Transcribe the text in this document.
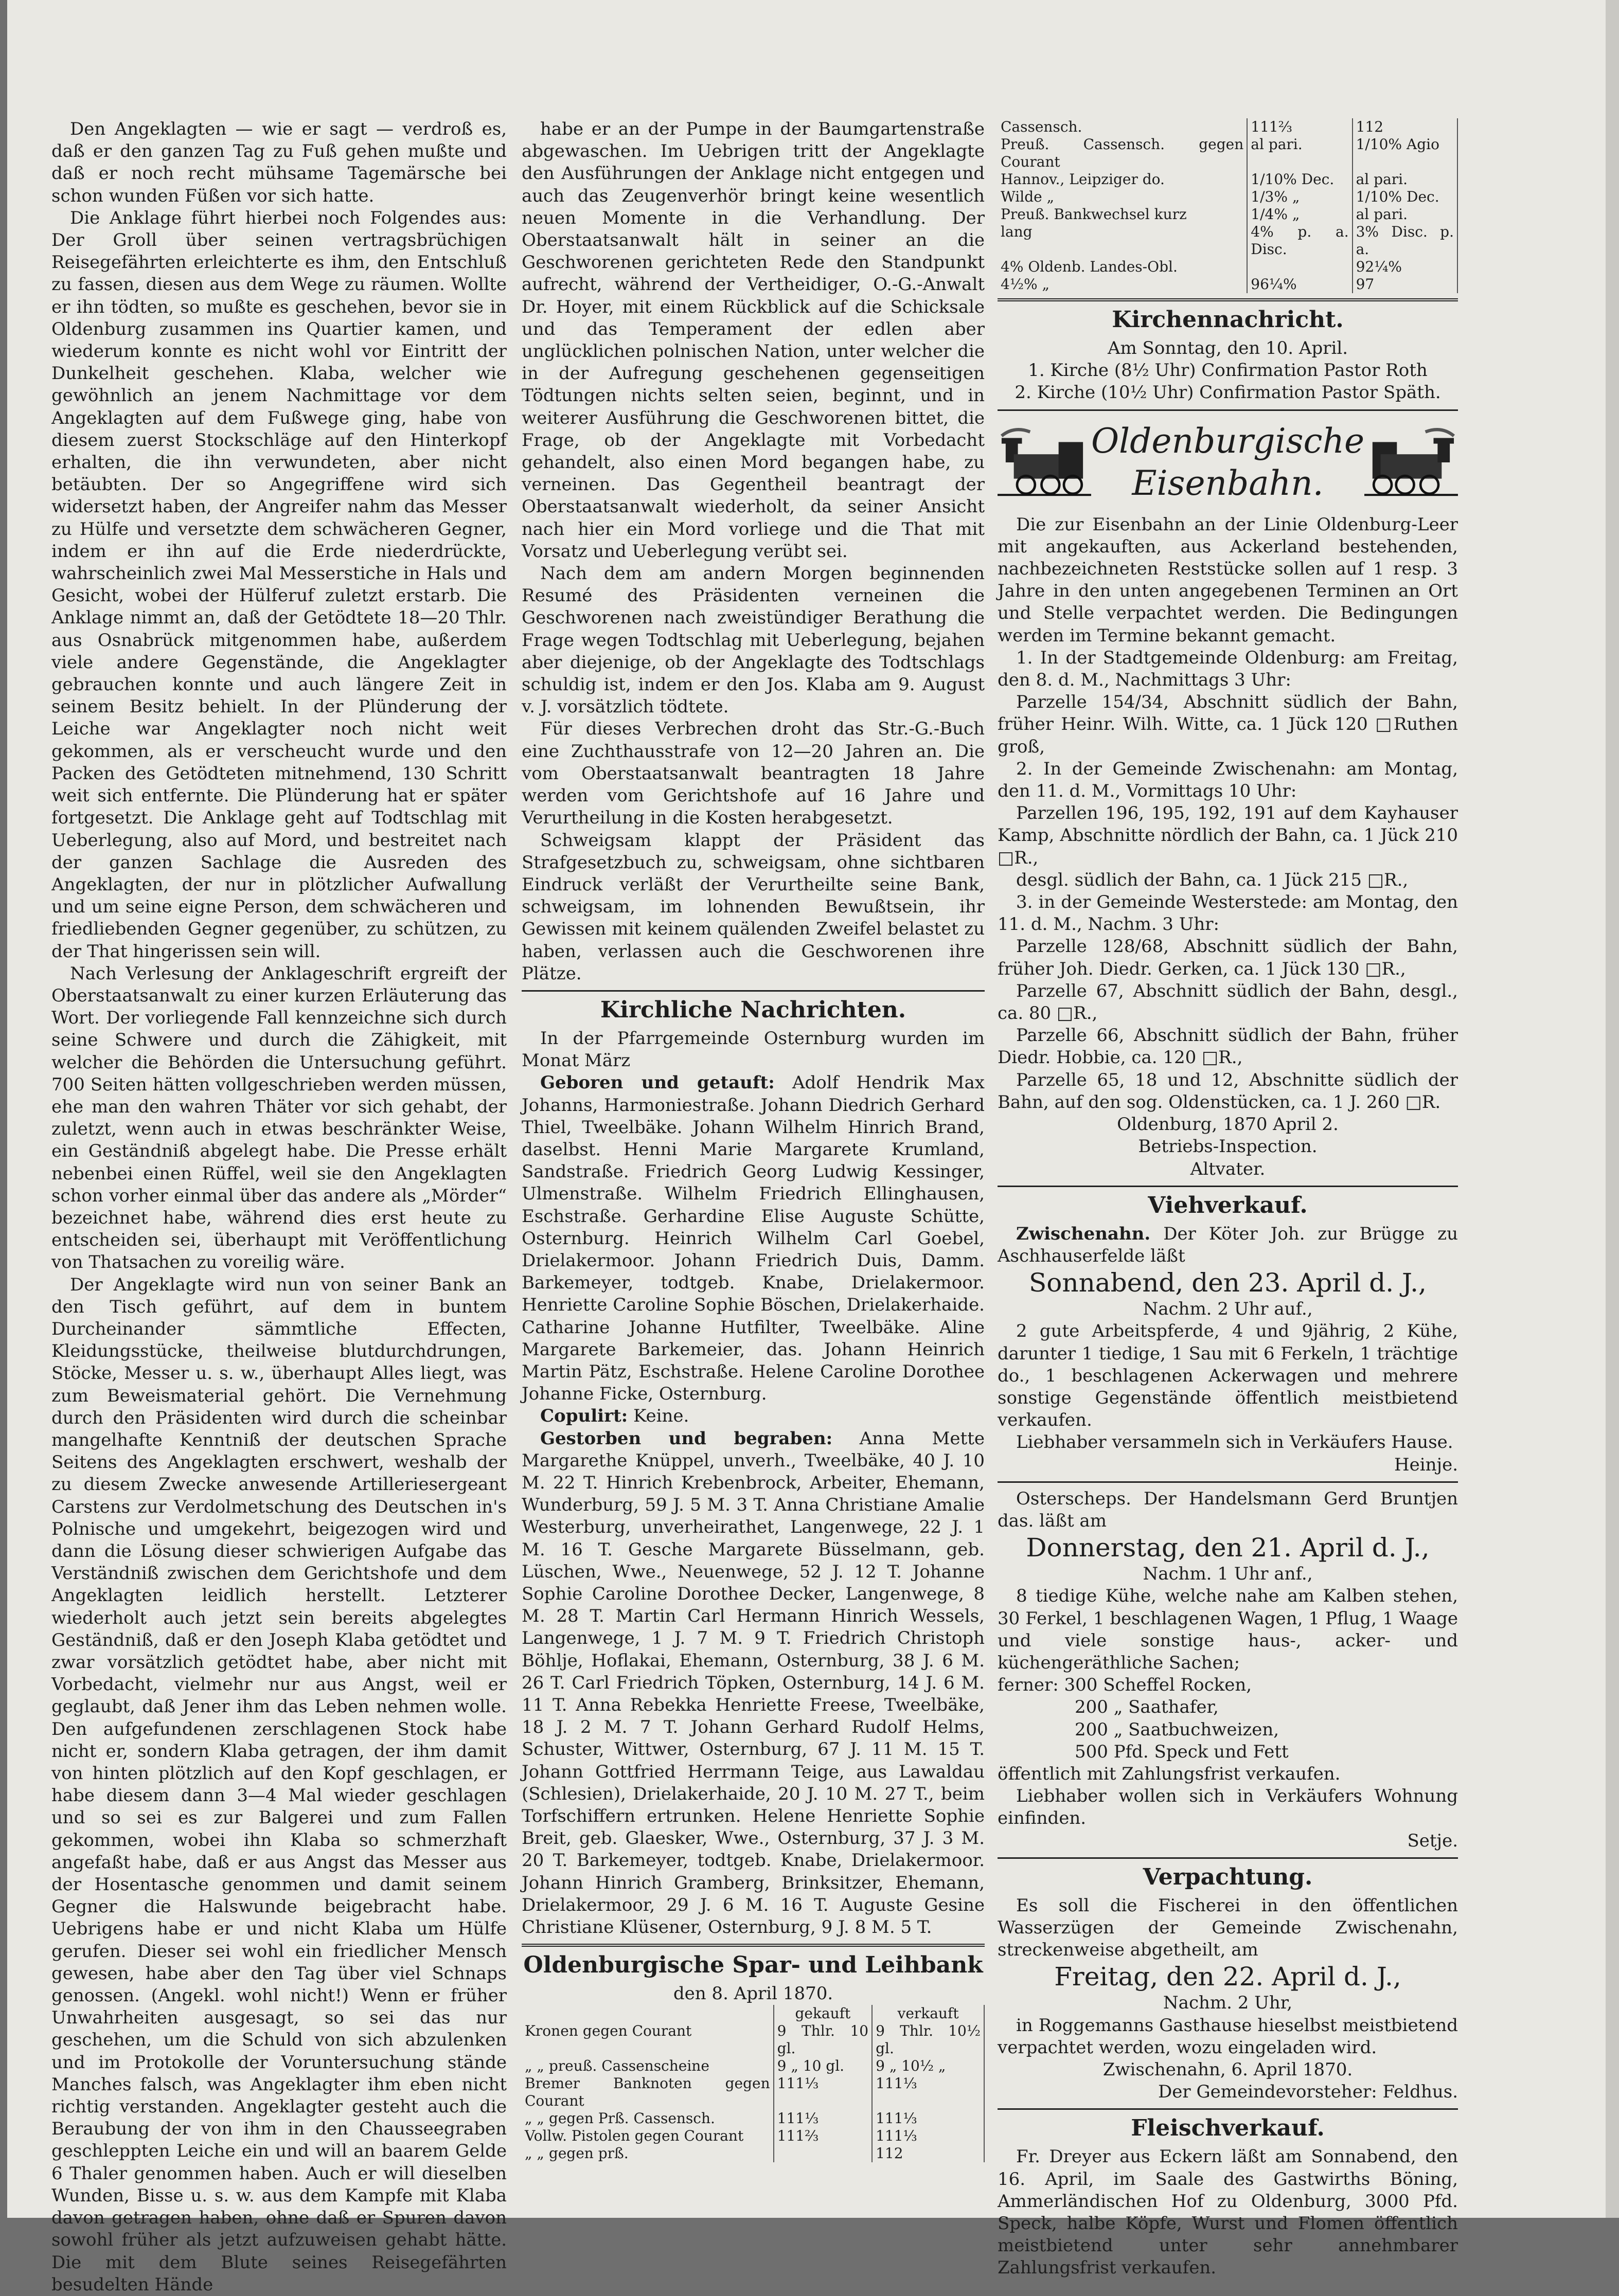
Den Angeklagten — wie er sagt — verdroß es, daß er den ganzen Tag zu Fuß gehen mußte und daß er noch recht mühsame Tagemärsche bei schon wunden Füßen vor sich hatte.

Die Anklage führt hierbei noch Folgendes aus: Der Groll über seinen vertragsbrüchigen Reisegefährten erleichterte es ihm, den Entschluß zu fassen, diesen aus dem Wege zu räumen. Wollte er ihn tödten, so mußte es geschehen, bevor sie in Oldenburg zusammen ins Quartier kamen, und wiederum konnte es nicht wohl vor Eintritt der Dunkelheit geschehen. Klaba, welcher wie gewöhnlich an jenem Nachmittage vor dem Angeklagten auf dem Fußwege ging, habe von diesem zuerst Stockschläge auf den Hinterkopf erhalten, die ihn verwundeten, aber nicht betäubten. Der so Angegriffene wird sich widersetzt haben, der Angreifer nahm das Messer zu Hülfe und versetzte dem schwächeren Gegner, indem er ihn auf die Erde niederdrückte, wahrscheinlich zwei Mal Messerstiche in Hals und Gesicht, wobei der Hülferuf zuletzt erstarb. Die Anklage nimmt an, daß der Getödtete 18—20 Thlr. aus Osnabrück mitgenommen habe, außerdem viele andere Gegenstände, die Angeklagter gebrauchen konnte und auch längere Zeit in seinem Besitz behielt. In der Plünderung der Leiche war Angeklagter noch nicht weit gekommen, als er verscheucht wurde und den Packen des Getödteten mitnehmend, 130 Schritt weit sich entfernte. Die Plünderung hat er später fortgesetzt. Die Anklage geht auf Todtschlag mit Ueberlegung, also auf Mord, und bestreitet nach der ganzen Sachlage die Ausreden des Angeklagten, der nur in plötzlicher Aufwallung und um seine eigne Person, dem schwächeren und friedliebenden Gegner gegenüber, zu schützen, zu der That hingerissen sein will.

Nach Verlesung der Anklageschrift ergreift der Oberstaatsanwalt zu einer kurzen Erläuterung das Wort. Der vorliegende Fall kennzeichne sich durch seine Schwere und durch die Zähigkeit, mit welcher die Behörden die Untersuchung geführt. 700 Seiten hätten vollgeschrieben werden müssen, ehe man den wahren Thäter vor sich gehabt, der zuletzt, wenn auch in etwas beschränkter Weise, ein Geständniß abgelegt habe. Die Presse erhält nebenbei einen Rüffel, weil sie den Angeklagten schon vorher einmal über das andere als „Mörder“ bezeichnet habe, während dies erst heute zu entscheiden sei, überhaupt mit Veröffentlichung von Thatsachen zu voreilig wäre.

Der Angeklagte wird nun von seiner Bank an den Tisch geführt, auf dem in buntem Durcheinander sämmtliche Effecten, Kleidungsstücke, theilweise blutdurchdrungen, Stöcke, Messer u. s. w., überhaupt Alles liegt, was zum Beweismaterial gehört. Die Vernehmung durch den Präsidenten wird durch die scheinbar mangelhafte Kenntniß der deutschen Sprache Seitens des Angeklagten erschwert, weshalb der zu diesem Zwecke anwesende Artilleriesergeant Carstens zur Verdolmetschung des Deutschen in's Polnische und umgekehrt, beigezogen wird und dann die Lösung dieser schwierigen Aufgabe das Verständniß zwischen dem Gerichtshofe und dem Angeklagten leidlich herstellt. Letzterer wiederholt auch jetzt sein bereits abgelegtes Geständniß, daß er den Joseph Klaba getödtet und zwar vorsätzlich getödtet habe, aber nicht mit Vorbedacht, vielmehr nur aus Angst, weil er geglaubt, daß Jener ihm das Leben nehmen wolle. Den aufgefundenen zerschlagenen Stock habe nicht er, sondern Klaba getragen, der ihm damit von hinten plötzlich auf den Kopf geschlagen, er habe diesem dann 3—4 Mal wieder geschlagen und so sei es zur Balgerei und zum Fallen gekommen, wobei ihn Klaba so schmerzhaft angefaßt habe, daß er aus Angst das Messer aus der Hosentasche genommen und damit seinem Gegner die Halswunde beigebracht habe. Uebrigens habe er und nicht Klaba um Hülfe gerufen. Dieser sei wohl ein friedlicher Mensch gewesen, habe aber den Tag über viel Schnaps genossen. (Angekl. wohl nicht!) Wenn er früher Unwahrheiten ausgesagt, so sei das nur geschehen, um die Schuld von sich abzulenken und im Protokolle der Voruntersuchung stände Manches falsch, was Angeklagter ihm eben nicht richtig verstanden. Angeklagter gesteht auch die Beraubung der von ihm in den Chausseegraben geschleppten Leiche ein und will an baarem Gelde 6 Thaler genommen haben. Auch er will dieselben Wunden, Bisse u. s. w. aus dem Kampfe mit Klaba davon getragen haben, ohne daß er Spuren davon sowohl früher als jetzt aufzuweisen gehabt hätte. Die mit dem Blute seines Reisegefährten besudelten Hände

habe er an der Pumpe in der Baumgartenstraße abgewaschen. Im Uebrigen tritt der Angeklagte den Ausführungen der Anklage nicht entgegen und auch das Zeugenverhör bringt keine wesentlich neuen Momente in die Verhandlung. Der Oberstaatsanwalt hält in seiner an die Geschworenen gerichteten Rede den Standpunkt aufrecht, während der Vertheidiger, O.-G.-Anwalt Dr. Hoyer, mit einem Rückblick auf die Schicksale und das Temperament der edlen aber unglücklichen polnischen Nation, unter welcher die in der Aufregung geschehenen gegenseitigen Tödtungen nichts selten seien, beginnt, und in weiterer Ausführung die Geschworenen bittet, die Frage, ob der Angeklagte mit Vorbedacht gehandelt, also einen Mord begangen habe, zu verneinen. Das Gegentheil beantragt der Oberstaatsanwalt wiederholt, da seiner Ansicht nach hier ein Mord vorliege und die That mit Vorsatz und Ueberlegung verübt sei.

Nach dem am andern Morgen beginnenden Resumé des Präsidenten verneinen die Geschworenen nach zweistündiger Berathung die Frage wegen Todtschlag mit Ueberlegung, bejahen aber diejenige, ob der Angeklagte des Todtschlags schuldig ist, indem er den Jos. Klaba am 9. August v. J. vorsätzlich tödtete.

Für dieses Verbrechen droht das Str.-G.-Buch eine Zuchthausstrafe von 12—20 Jahren an. Die vom Oberstaatsanwalt beantragten 18 Jahre werden vom Gerichtshofe auf 16 Jahre und Verurtheilung in die Kosten herabgesetzt.

Schweigsam klappt der Präsident das Strafgesetzbuch zu, schweigsam, ohne sichtbaren Eindruck verläßt der Verurtheilte seine Bank, schweigsam, im lohnenden Bewußtsein, ihr Gewissen mit keinem quälenden Zweifel belastet zu haben, verlassen auch die Geschworenen ihre Plätze.

Kirchliche Nachrichten.

In der Pfarrgemeinde Osternburg wurden im Monat März

Geboren und getauft: Adolf Hendrik Max Johanns, Harmoniestraße. Johann Diedrich Gerhard Thiel, Tweelbäke. Johann Wilhelm Hinrich Brand, daselbst. Henni Marie Margarete Krumland, Sandstraße. Friedrich Georg Ludwig Kessinger, Ulmenstraße. Wilhelm Friedrich Ellinghausen, Eschstraße. Gerhardine Elise Auguste Schütte, Osternburg. Heinrich Wilhelm Carl Goebel, Drielakermoor. Johann Friedrich Duis, Damm. Barkemeyer, todtgeb. Knabe, Drielakermoor. Henriette Caroline Sophie Böschen, Drielakerhaide. Catharine Johanne Hutfilter, Tweelbäke. Aline Margarete Barkemeier, das. Johann Heinrich Martin Pätz, Eschstraße. Helene Caroline Dorothee Johanne Ficke, Osternburg.

Copulirt: Keine.

Gestorben und begraben: Anna Mette Margarethe Knüppel, unverh., Tweelbäke, 40 J. 10 M. 22 T. Hinrich Krebenbrock, Arbeiter, Ehemann, Wunderburg, 59 J. 5 M. 3 T. Anna Christiane Amalie Westerburg, unverheirathet, Langenwege, 22 J. 1 M. 16 T. Gesche Margarete Büsselmann, geb. Lüschen, Wwe., Neuenwege, 52 J. 12 T. Johanne Sophie Caroline Dorothee Decker, Langenwege, 8 M. 28 T. Martin Carl Hermann Hinrich Wessels, Langenwege, 1 J. 7 M. 9 T. Friedrich Christoph Böhlje, Hoflakai, Ehemann, Osternburg, 38 J. 6 M. 26 T. Carl Friedrich Töpken, Osternburg, 14 J. 6 M. 11 T. Anna Rebekka Henriette Freese, Tweelbäke, 18 J. 2 M. 7 T. Johann Gerhard Rudolf Helms, Schuster, Wittwer, Osternburg, 67 J. 11 M. 15 T. Johann Gottfried Herrmann Teige, aus Lawaldau (Schlesien), Drielakerhaide, 20 J. 10 M. 27 T., beim Torfschiffern ertrunken. Helene Henriette Sophie Breit, geb. Glaesker, Wwe., Osternburg, 37 J. 3 M. 20 T. Barkemeyer, todtgeb. Knabe, Drielakermoor. Johann Hinrich Gramberg, Brinksitzer, Ehemann, Drielakermoor, 29 J. 6 M. 16 T. Auguste Gesine Christiane Klüsener, Osternburg, 9 J. 8 M. 5 T.

Oldenburgische Spar- und Leihbank
den 8. April 1870.
	gekauft	verkauft
Kronen gegen Courant	9 Thlr. 10 gl.	9 Thlr. 10½ gl.
„ „ preuß. Cassenscheine	9 „ 10 gl.	9 „ 10½ „
Bremer Banknoten gegen Courant	111⅓	111⅓
„ „ gegen Prß. Cassensch.	111⅓	111⅓
Vollw. Pistolen gegen Courant	111⅔	111⅓
„ „ gegen prß.		112
Cassensch.	111⅔	112
Preuß. Cassensch. gegen Courant	al pari.	1/10% Agio
Hannov., Leipziger do.	1/10% Dec.	al pari.
Wilde „	1/3% „	1/10% Dec.
Preuß. Bankwechsel kurz	1/4% „	al pari.
lang	4% p. a. Disc.	3% Disc. p. a.
4% Oldenb. Landes-Obl.		92¼%
4½% „	96¼%	97
Kirchennachricht.
Am Sonntag, den 10. April.
1. Kirche (8½ Uhr) Confirmation Pastor Roth
2. Kirche (10½ Uhr) Confirmation Pastor Späth.
Oldenburgische
Eisenbahn.

Die zur Eisenbahn an der Linie Oldenburg-Leer mit angekauften, aus Ackerland bestehenden, nachbezeichneten Reststücke sollen auf 1 resp. 3 Jahre in den unten angegebenen Terminen an Ort und Stelle verpachtet werden. Die Bedingungen werden im Termine bekannt gemacht.

1. In der Stadtgemeinde Oldenburg: am Freitag, den 8. d. M., Nachmittags 3 Uhr:

Parzelle 154/34, Abschnitt südlich der Bahn, früher Heinr. Wilh. Witte, ca. 1 Jück 120 □Ruthen groß,

2. In der Gemeinde Zwischenahn: am Montag, den 11. d. M., Vormittags 10 Uhr:

Parzellen 196, 195, 192, 191 auf dem Kayhauser Kamp, Abschnitte nördlich der Bahn, ca. 1 Jück 210 □R.,

desgl. südlich der Bahn, ca. 1 Jück 215 □R.,

3. in der Gemeinde Westerstede: am Montag, den 11. d. M., Nachm. 3 Uhr:

Parzelle 128/68, Abschnitt südlich der Bahn, früher Joh. Diedr. Gerken, ca. 1 Jück 130 □R.,

Parzelle 67, Abschnitt südlich der Bahn, desgl., ca. 80 □R.,

Parzelle 66, Abschnitt südlich der Bahn, früher Diedr. Hobbie, ca. 120 □R.,

Parzelle 65, 18 und 12, Abschnitte südlich der Bahn, auf den sog. Oldenstücken, ca. 1 J. 260 □R.

Oldenburg, 1870 April 2.
Betriebs-Inspection.
Altvater.
Viehverkauf.

Zwischenahn. Der Köter Joh. zur Brügge zu Aschhauserfelde läßt

Sonnabend, den 23. April d. J.,
Nachm. 2 Uhr auf.,

2 gute Arbeitspferde, 4 und 9jährig, 2 Kühe, darunter 1 tiedige, 1 Sau mit 6 Ferkeln, 1 trächtige do., 1 beschlagenen Ackerwagen und mehrere sonstige Gegenstände öffentlich meistbietend verkaufen.

Liebhaber versammeln sich in Verkäufers Hause.

Heinje.

Osterscheps. Der Handelsmann Gerd Bruntjen das. läßt am

Donnerstag, den 21. April d. J.,
Nachm. 1 Uhr anf.,

8 tiedige Kühe, welche nahe am Kalben stehen, 30 Ferkel, 1 beschlagenen Wagen, 1 Pflug, 1 Waage und viele sonstige haus-, acker- und küchengeräthliche Sachen;

ferner: 300 Scheffel Rocken,
200 „ Saathafer,
200 „ Saatbuchweizen,
500 Pfd. Speck und Fett
öffentlich mit Zahlungsfrist verkaufen.

Liebhaber wollen sich in Verkäufers Wohnung einfinden.

Setje.
Verpachtung.

Es soll die Fischerei in den öffentlichen Wasserzügen der Gemeinde Zwischenahn, streckenweise abgetheilt, am

Freitag, den 22. April d. J.,
Nachm. 2 Uhr,

in Roggemanns Gasthause hieselbst meistbietend verpachtet werden, wozu eingeladen wird.

Zwischenahn, 6. April 1870.
Der Gemeindevorsteher: Feldhus.
Fleischverkauf.

Fr. Dreyer aus Eckern läßt am Sonnabend, den 16. April, im Saale des Gastwirths Böning, Ammerländischen Hof zu Oldenburg, 3000 Pfd. Speck, halbe Köpfe, Wurst und Flomen öffentlich meistbietend unter sehr annehmbarer Zahlungsfrist verkaufen.
